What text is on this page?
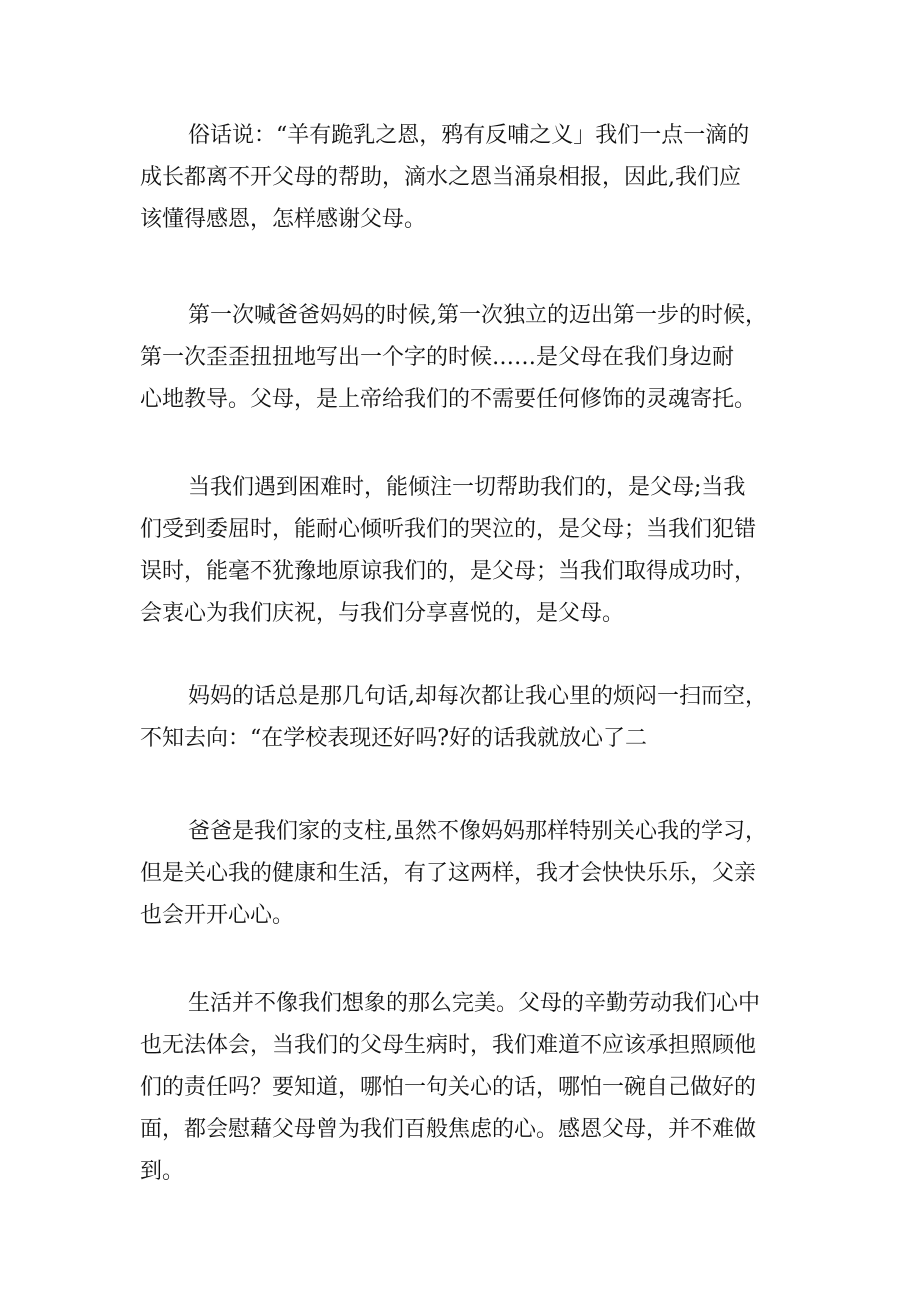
俗话说：“羊有跪乳之恩，鸦有反哺之义」我们一点一滴的
成长都离不开父母的帮助，滴水之恩当涌泉相报，因此,我们应
该懂得感恩，怎样感谢父母。

第一次喊爸爸妈妈的时候,第一次独立的迈出第一步的时候，
第一次歪歪扭扭地写出一个字的时候……是父母在我们身边耐
心地教导。父母，是上帝给我们的不需要任何修饰的灵魂寄托。

当我们遇到困难时，能倾注一切帮助我们的，是父母;当我
们受到委屈时，能耐心倾听我们的哭泣的，是父母；当我们犯错
误时，能毫不犹豫地原谅我们的，是父母；当我们取得成功时，
会衷心为我们庆祝，与我们分享喜悦的，是父母。

妈妈的话总是那几句话,却每次都让我心里的烦闷一扫而空，
不知去向：“在学校表现还好吗?好的话我就放心了二

爸爸是我们家的支柱,虽然不像妈妈那样特别关心我的学习，
但是关心我的健康和生活，有了这两样，我才会快快乐乐，父亲
也会开开心心。

生活并不像我们想象的那么完美。父母的辛勤劳动我们心中
也无法体会，当我们的父母生病时，我们难道不应该承担照顾他
们的责任吗？要知道，哪怕一句关心的话，哪怕一碗自己做好的
面，都会慰藉父母曾为我们百般焦虑的心。感恩父母，并不难做
到。
